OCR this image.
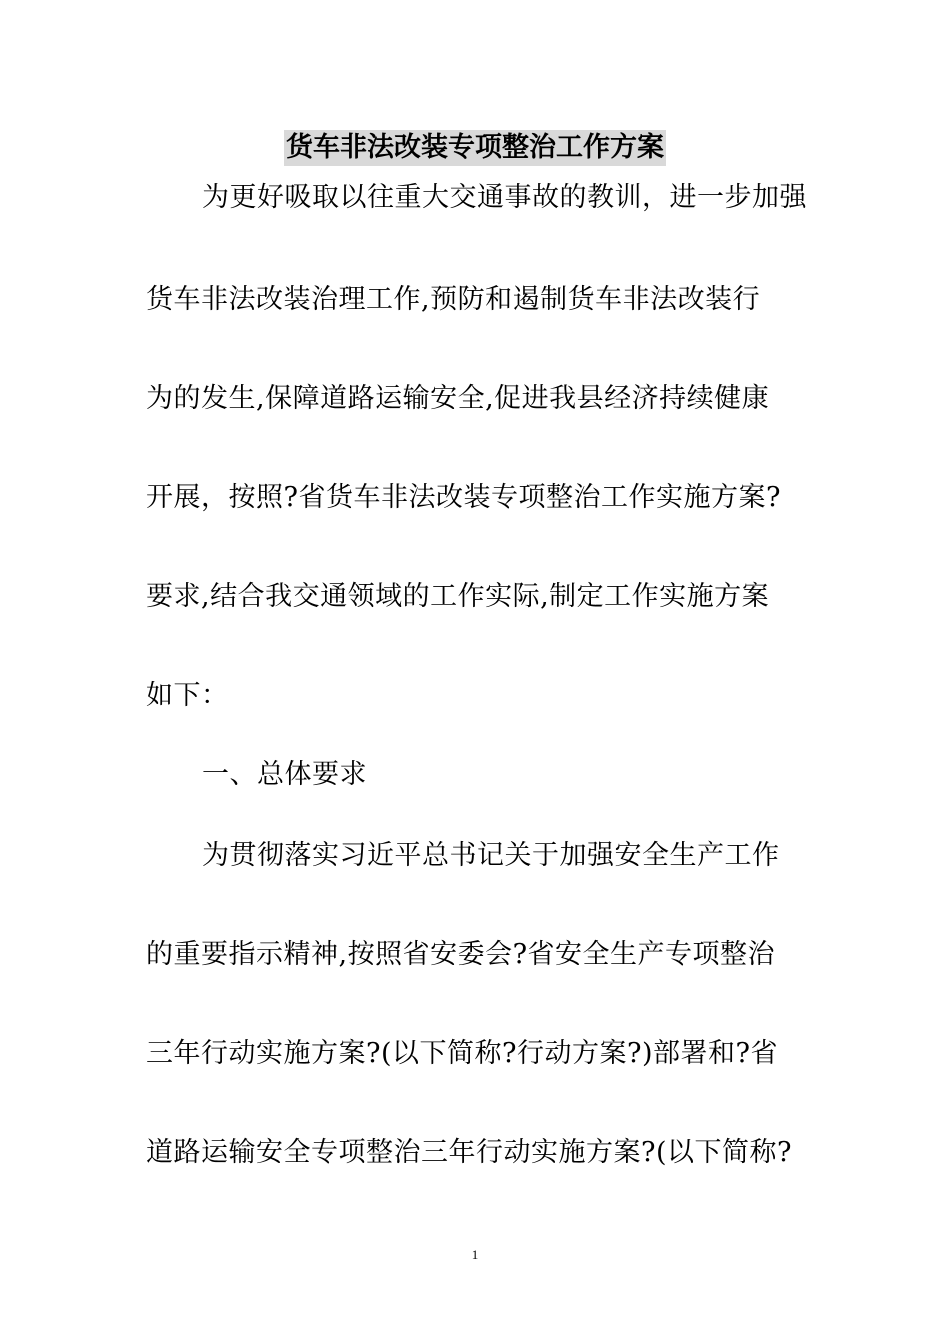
货车非法改装专项整治工作方案
为更好吸取以往重大交通事故的教训，进一步加强
货车非法改装治理工作,预防和遏制货车非法改装行
为的发生,保障道路运输安全,促进我县经济持续健康
开展，按照?省货车非法改装专项整治工作实施方案?
要求,结合我交通领域的工作实际,制定工作实施方案
如下：
一、总体要求
为贯彻落实习近平总书记关于加强安全生产工作
的重要指示精神,按照省安委会?省安全生产专项整治
三年行动实施方案?(以下简称?行动方案?)部署和?省
道路运输安全专项整治三年行动实施方案?(以下简称?
1
